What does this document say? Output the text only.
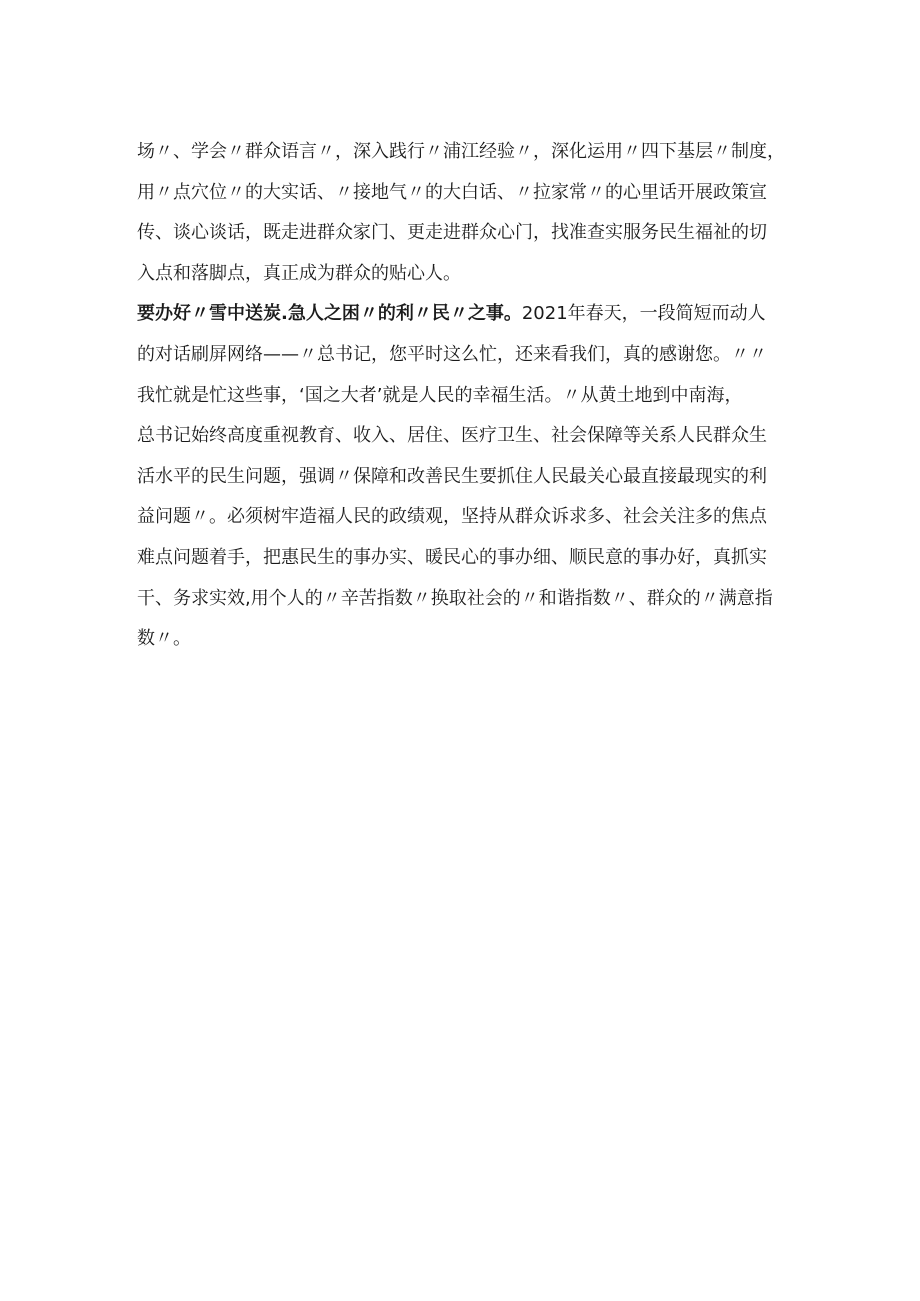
场〃、学会〃群众语言〃，深入践行〃浦江经验〃，深化运用〃四下基层〃制度，
用〃点穴位〃的大实话、〃接地气〃的大白话、〃拉家常〃的心里话开展政策宣
传、谈心谈话，既走进群众家门、更走进群众心门，找准查实服务民生福祉的切
入点和落脚点，真正成为群众的贴心人。
要办好〃雪中送炭.急人之困〃的利〃民〃之事。2021年春天，一段简短而动人
的对话刷屏网络——〃总书记，您平时这么忙，还来看我们，真的感谢您。〃〃
我忙就是忙这些事，‘国之大者’就是人民的幸福生活。〃从黄土地到中南海，
总书记始终高度重视教育、收入、居住、医疗卫生、社会保障等关系人民群众生
活水平的民生问题，强调〃保障和改善民生要抓住人民最关心最直接最现实的利
益问题〃。必须树牢造福人民的政绩观，坚持从群众诉求多、社会关注多的焦点
难点问题着手，把惠民生的事办实、暖民心的事办细、顺民意的事办好，真抓实
干、务求实效,用个人的〃辛苦指数〃换取社会的〃和谐指数〃、群众的〃满意指
数〃。
